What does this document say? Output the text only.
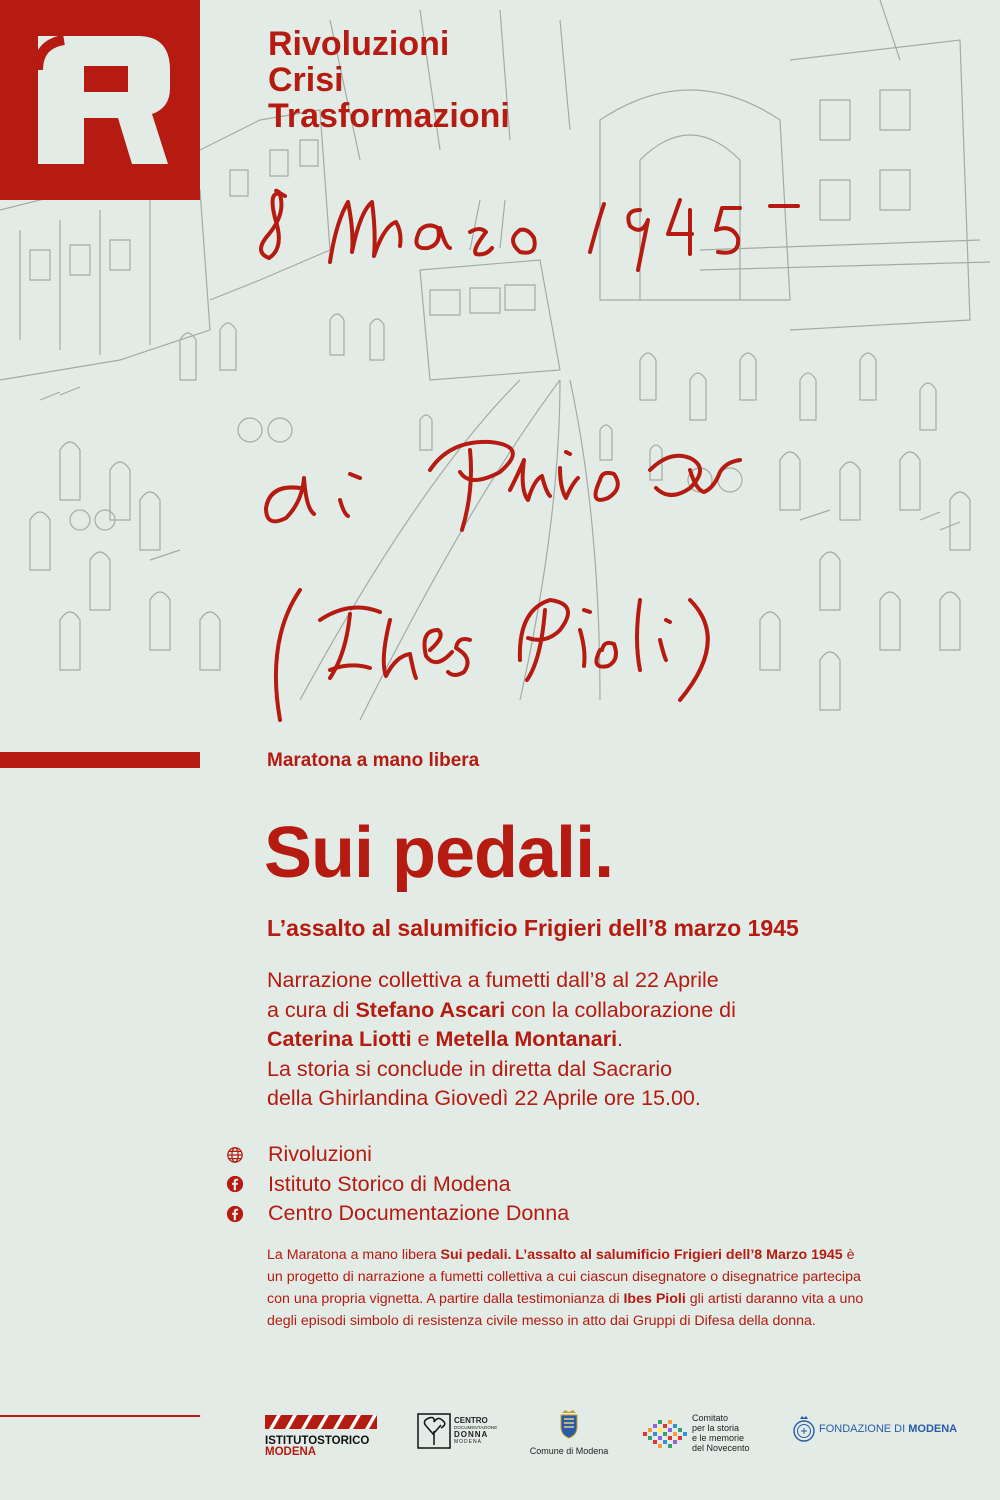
Rivoluzioni
Crisi
Trasformazioni
Maratona a mano libera
Sui pedali.
L’assalto al salumificio Frigieri dell’8 marzo 1945
Narrazione collettiva a fumetti dall’8 al 22 Aprile
a cura di Stefano Ascari con la collaborazione di
Caterina Liotti e Metella Montanari.
La storia si conclude in diretta dal Sacrario
della Ghirlandina Giovedì 22 Aprile ore 15.00.
Rivoluzioni
Istituto Storico di Modena
Centro Documentazione Donna
La Maratona a mano libera Sui pedali. L’assalto al salumificio Frigieri dell’8 Marzo 1945 è un progetto di narrazione a fumetti collettiva a cui ciascun disegnatore o disegnatrice partecipa con una propria vignetta. A partire dalla testimonianza di Ibes Pioli gli artisti daranno vita a uno degli episodi simbolo di resistenza civile messo in atto dai Gruppi di Difesa della donna.
ISTITUTOSTORICO
MODENA
CENTRO
DOCUMENTAZIONE
DONNA
MODENA
Comune di Modena
Comitato
per la storia
e le memorie
del Novecento
FONDAZIONE DI MODENA
